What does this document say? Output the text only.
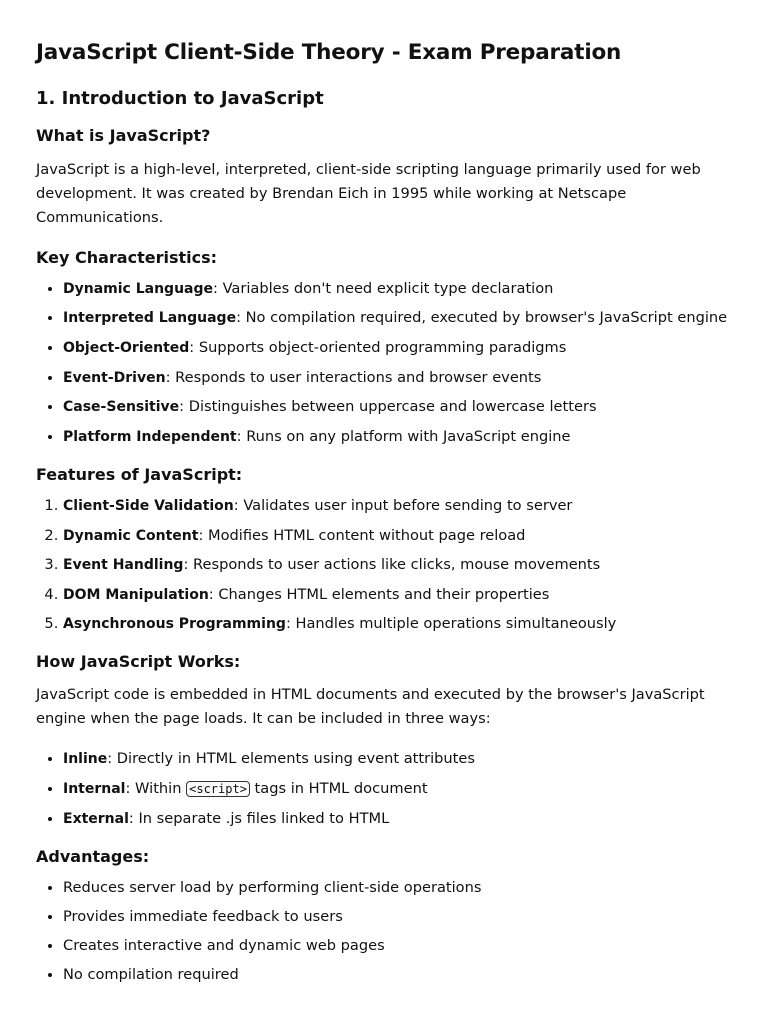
JavaScript Client-Side Theory - Exam Preparation
1. Introduction to JavaScript
What is JavaScript?

JavaScript is a high-level, interpreted, client-side scripting language primarily used for web development. It was created by Brendan Eich in 1995 while working at Netscape Communications.

Key Characteristics:
• Dynamic Language: Variables don't need explicit type declaration
• Interpreted Language: No compilation required, executed by browser's JavaScript engine
• Object-Oriented: Supports object-oriented programming paradigms
• Event-Driven: Responds to user interactions and browser events
• Case-Sensitive: Distinguishes between uppercase and lowercase letters
• Platform Independent: Runs on any platform with JavaScript engine
Features of JavaScript:
1. Client-Side Validation: Validates user input before sending to server
2. Dynamic Content: Modifies HTML content without page reload
3. Event Handling: Responds to user actions like clicks, mouse movements
4. DOM Manipulation: Changes HTML elements and their properties
5. Asynchronous Programming: Handles multiple operations simultaneously
How JavaScript Works:

JavaScript code is embedded in HTML documents and executed by the browser's JavaScript engine when the page loads. It can be included in three ways:

• Inline: Directly in HTML elements using event attributes
• Internal: Within <script> tags in HTML document
• External: In separate .js files linked to HTML
Advantages:
• Reduces server load by performing client-side operations
• Provides immediate feedback to users
• Creates interactive and dynamic web pages
• No compilation required
